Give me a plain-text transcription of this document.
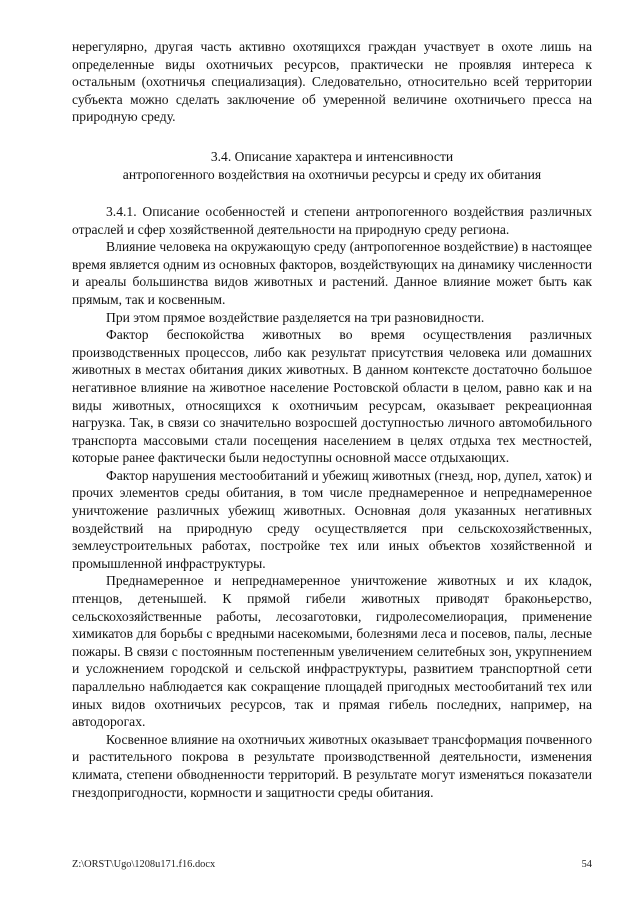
нерегулярно, другая часть активно охотящихся граждан участвует в охоте лишь на определенные виды охотничьих ресурсов, практически не проявляя интереса к остальным (охотничья специализация). Следовательно, относительно всей территории субъекта можно сделать заключение об умеренной величине охотничьего пресса на природную среду.

3.4. Описание характера и интенсивности
антропогенного воздействия на охотничьи ресурсы и среду их обитания

3.4.1. Описание особенностей и степени антропогенного воздействия различных отраслей и сфер хозяйственной деятельности на природную среду региона.

Влияние человека на окружающую среду (антропогенное воздействие) в настоящее время является одним из основных факторов, воздействующих на динамику численности и ареалы большинства видов животных и растений. Данное влияние может быть как прямым, так и косвенным.

При этом прямое воздействие разделяется на три разновидности.

Фактор беспокойства животных во время осуществления различных производственных процессов, либо как результат присутствия человека или домашних животных в местах обитания диких животных. В данном контексте достаточно большое негативное влияние на животное население Ростовской области в целом, равно как и на виды животных, относящихся к охотничьим ресурсам, оказывает рекреационная нагрузка. Так, в связи со значительно возросшей доступностью личного автомобильного транспорта массовыми стали посещения населением в целях отдыха тех местностей, которые ранее фактически были недоступны основной массе отдыхающих.

Фактор нарушения местообитаний и убежищ животных (гнезд, нор, дупел, хаток) и прочих элементов среды обитания, в том числе преднамеренное и непреднамеренное уничтожение различных убежищ животных. Основная доля указанных негативных воздействий на природную среду осуществляется при сельскохозяйственных, землеустроительных работах, постройке тех или иных объектов хозяйственной и промышленной инфраструктуры.

Преднамеренное и непреднамеренное уничтожение животных и их кладок, птенцов, детенышей. К прямой гибели животных приводят браконьерство, сельскохозяйственные работы, лесозаготовки, гидролесомелиорация, применение химикатов для борьбы с вредными насекомыми, болезнями леса и посевов, палы, лесные пожары. В связи с постоянным постепенным увеличением селитебных зон, укрупнением и усложнением городской и сельской инфраструктуры, развитием транспортной сети параллельно наблюдается как сокращение площадей пригодных местообитаний тех или иных видов охотничьих ресурсов, так и прямая гибель последних, например, на автодорогах.

Косвенное влияние на охотничьих животных оказывает трансформация почвенного и растительного покрова в результате производственной деятельности, изменения климата, степени обводненности территорий. В результате могут изменяться показатели гнездопригодности, кормности и защитности среды обитания.

Z:\ORST\Ugo\1208u171.f16.docx	54
